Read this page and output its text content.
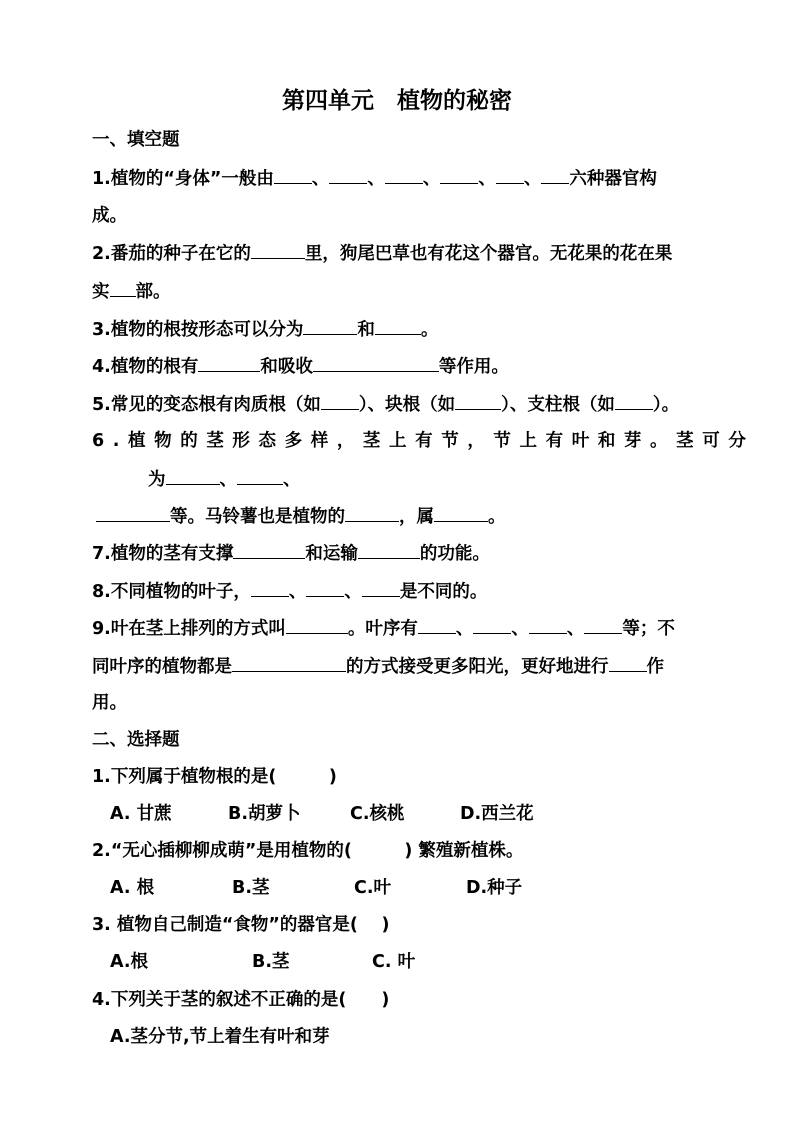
第四单元　植物的秘密
一、填空题
1.植物的“身体”一般由 、 、 、 、 、 六种器官构
成。
2.番茄的种子在它的	里，狗尾巴草也有花这个器官。无花果的花在果
实 部。
3.植物的根按形态可以分为	和	。
4.植物的根有	和吸收	等作用。
5.常见的变态根有肉质根（如 ）、块根（如	）、支柱根（如 ）。
6.植物的茎形态多样，茎上有节，节上有叶和芽。茎可分
为	、	、
等。马铃薯也是植物的	，属	。
7.植物的茎有支撑	和运输	的功能。
8.不同植物的叶子， 、 、 是不同的。
9.叶在茎上排列的方式叫	。叶序有 、 、 、 等；不
同叶序的植物都是	的方式接受更多阳光，更好地进行 作
用。
二、选择题
1.下列属于植物根的是(　　　)
A. 甘蔗	B.胡萝卜	C.核桃	D.西兰花
2.“无心插柳柳成萌”是用植物的(　　　) 繁殖新植株。
A. 根	B.茎	C.叶	D.种子
3. 植物自己制造“食物”的器官是(　 )
A.根	B.茎	C. 叶
4.下列关于茎的叙述不正确的是(　　)
A.茎分节,节上着生有叶和芽
